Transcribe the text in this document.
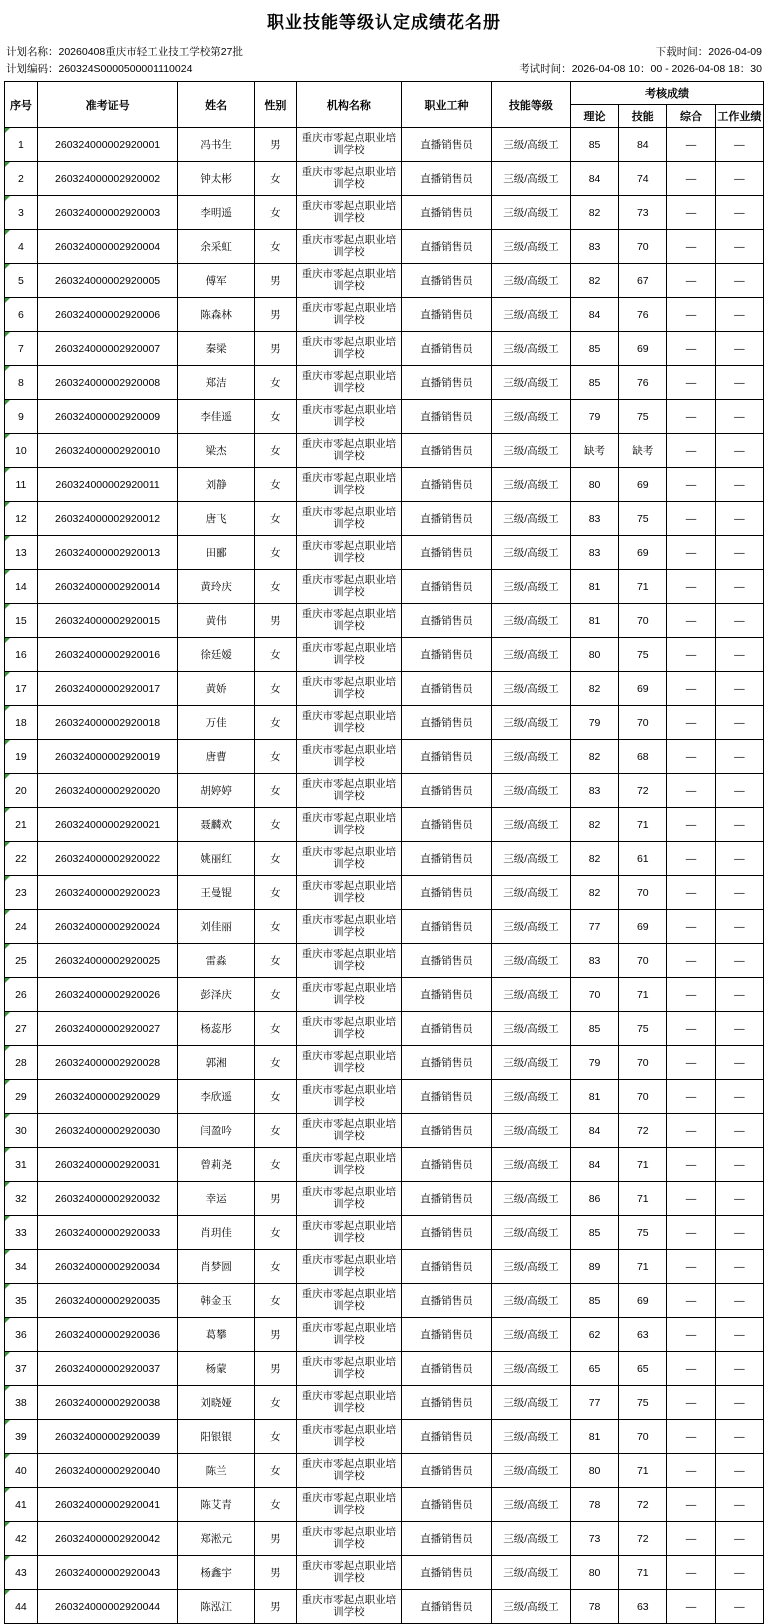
职业技能等级认定成绩花名册
计划名称：20260408重庆市轻工业技工学校第27批	下载时间：2026-04-09
计划编码：260324S0000500001110024	考试时间：2026-04-08 10：00 - 2026-04-08 18：30
序号	准考证号	姓名	性别	机构名称	职业工种	技能等级	考核成绩			
							理论	技能	综合	工作业绩
1	260324000002920001	冯书生	男	重庆市零起点职业培训学校	直播销售员	三级/高级工	85	84	—	—
2	260324000002920002	钟太彬	女	重庆市零起点职业培训学校	直播销售员	三级/高级工	84	74	—	—
3	260324000002920003	李明遥	女	重庆市零起点职业培训学校	直播销售员	三级/高级工	82	73	—	—
4	260324000002920004	余采虹	女	重庆市零起点职业培训学校	直播销售员	三级/高级工	83	70	—	—
5	260324000002920005	傅军	男	重庆市零起点职业培训学校	直播销售员	三级/高级工	82	67	—	—
6	260324000002920006	陈森林	男	重庆市零起点职业培训学校	直播销售员	三级/高级工	84	76	—	—
7	260324000002920007	秦梁	男	重庆市零起点职业培训学校	直播销售员	三级/高级工	85	69	—	—
8	260324000002920008	郑洁	女	重庆市零起点职业培训学校	直播销售员	三级/高级工	85	76	—	—
9	260324000002920009	李佳遥	女	重庆市零起点职业培训学校	直播销售员	三级/高级工	79	75	—	—
10	260324000002920010	梁杰	女	重庆市零起点职业培训学校	直播销售员	三级/高级工	缺考	缺考	—	—
11	260324000002920011	刘静	女	重庆市零起点职业培训学校	直播销售员	三级/高级工	80	69	—	—
12	260324000002920012	唐飞	女	重庆市零起点职业培训学校	直播销售员	三级/高级工	83	75	—	—
13	260324000002920013	田郦	女	重庆市零起点职业培训学校	直播销售员	三级/高级工	83	69	—	—
14	260324000002920014	黄玲庆	女	重庆市零起点职业培训学校	直播销售员	三级/高级工	81	71	—	—
15	260324000002920015	黄伟	男	重庆市零起点职业培训学校	直播销售员	三级/高级工	81	70	—	—
16	260324000002920016	徐廷嫒	女	重庆市零起点职业培训学校	直播销售员	三级/高级工	80	75	—	—
17	260324000002920017	黄娇	女	重庆市零起点职业培训学校	直播销售员	三级/高级工	82	69	—	—
18	260324000002920018	万佳	女	重庆市零起点职业培训学校	直播销售员	三级/高级工	79	70	—	—
19	260324000002920019	唐曹	女	重庆市零起点职业培训学校	直播销售员	三级/高级工	82	68	—	—
20	260324000002920020	胡婷婷	女	重庆市零起点职业培训学校	直播销售员	三级/高级工	83	72	—	—
21	260324000002920021	聂麟欢	女	重庆市零起点职业培训学校	直播销售员	三级/高级工	82	71	—	—
22	260324000002920022	姚丽红	女	重庆市零起点职业培训学校	直播销售员	三级/高级工	82	61	—	—
23	260324000002920023	王曼锟	女	重庆市零起点职业培训学校	直播销售员	三级/高级工	82	70	—	—
24	260324000002920024	刘佳丽	女	重庆市零起点职业培训学校	直播销售员	三级/高级工	77	69	—	—
25	260324000002920025	雷淼	女	重庆市零起点职业培训学校	直播销售员	三级/高级工	83	70	—	—
26	260324000002920026	彭泽庆	女	重庆市零起点职业培训学校	直播销售员	三级/高级工	70	71	—	—
27	260324000002920027	杨蕊彤	女	重庆市零起点职业培训学校	直播销售员	三级/高级工	85	75	—	—
28	260324000002920028	郭湘	女	重庆市零起点职业培训学校	直播销售员	三级/高级工	79	70	—	—
29	260324000002920029	李欣遥	女	重庆市零起点职业培训学校	直播销售员	三级/高级工	81	70	—	—
30	260324000002920030	闫盈吟	女	重庆市零起点职业培训学校	直播销售员	三级/高级工	84	72	—	—
31	260324000002920031	曾莉尧	女	重庆市零起点职业培训学校	直播销售员	三级/高级工	84	71	—	—
32	260324000002920032	幸运	男	重庆市零起点职业培训学校	直播销售员	三级/高级工	86	71	—	—
33	260324000002920033	肖玥佳	女	重庆市零起点职业培训学校	直播销售员	三级/高级工	85	75	—	—
34	260324000002920034	肖梦圆	女	重庆市零起点职业培训学校	直播销售员	三级/高级工	89	71	—	—
35	260324000002920035	韩金玉	女	重庆市零起点职业培训学校	直播销售员	三级/高级工	85	69	—	—
36	260324000002920036	葛攀	男	重庆市零起点职业培训学校	直播销售员	三级/高级工	62	63	—	—
37	260324000002920037	杨蒙	男	重庆市零起点职业培训学校	直播销售员	三级/高级工	65	65	—	—
38	260324000002920038	刘晓娅	女	重庆市零起点职业培训学校	直播销售员	三级/高级工	77	75	—	—
39	260324000002920039	阳银银	女	重庆市零起点职业培训学校	直播销售员	三级/高级工	81	70	—	—
40	260324000002920040	陈兰	女	重庆市零起点职业培训学校	直播销售员	三级/高级工	80	71	—	—
41	260324000002920041	陈艾青	女	重庆市零起点职业培训学校	直播销售员	三级/高级工	78	72	—	—
42	260324000002920042	郑淞元	男	重庆市零起点职业培训学校	直播销售员	三级/高级工	73	72	—	—
43	260324000002920043	杨鑫宇	男	重庆市零起点职业培训学校	直播销售员	三级/高级工	80	71	—	—
44	260324000002920044	陈泓江	男	重庆市零起点职业培训学校	直播销售员	三级/高级工	78	63	—	—
